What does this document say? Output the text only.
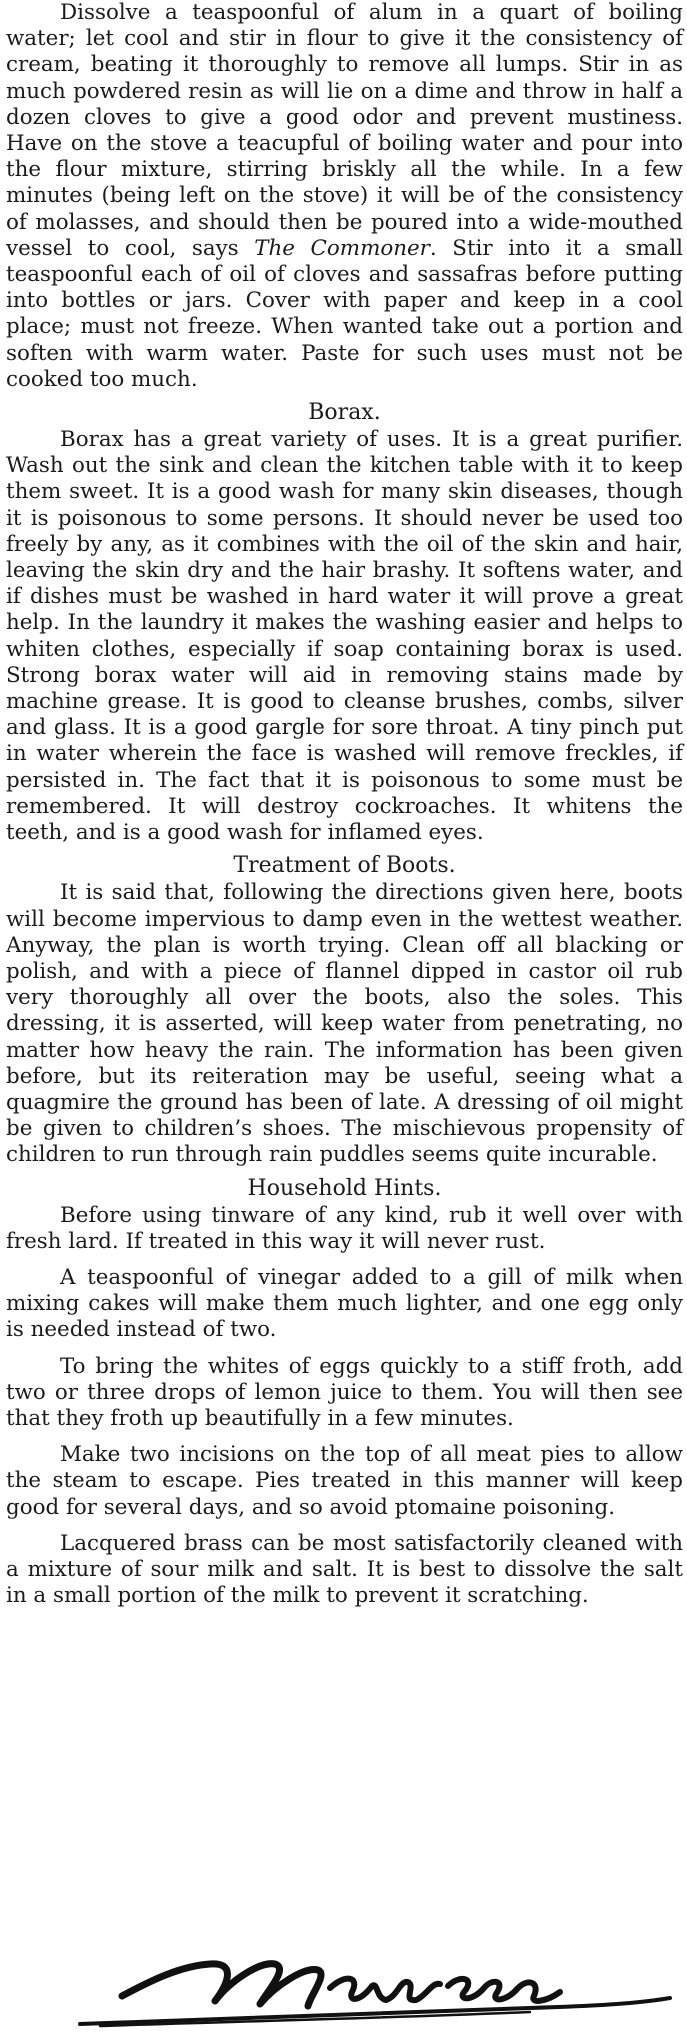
Dissolve a teaspoonful of alum in a quart of boiling water; let cool and stir in flour to give it the consistency of cream, beating it thoroughly to remove all lumps. Stir in as much powdered resin as will lie on a dime and throw in half a dozen cloves to give a good odor and prevent mustiness. Have on the stove a teacupful of boiling water and pour into the flour mixture, stirring briskly all the while. In a few minutes (being left on the stove) it will be of the consistency of molasses, and should then be poured into a wide-mouthed vessel to cool, says The Commoner. Stir into it a small teaspoonful each of oil of cloves and sassafras before putting into bottles or jars. Cover with paper and keep in a cool place; must not freeze. When wanted take out a portion and soften with warm water. Paste for such uses must not be cooked too much.

Borax.

Borax has a great variety of uses. It is a great purifier. Wash out the sink and clean the kitchen table with it to keep them sweet. It is a good wash for many skin diseases, though it is poisonous to some persons. It should never be used too freely by any, as it combines with the oil of the skin and hair, leaving the skin dry and the hair brashy. It softens water, and if dishes must be washed in hard water it will prove a great help. In the laundry it makes the washing easier and helps to whiten clothes, especially if soap containing borax is used. Strong borax water will aid in removing stains made by machine grease. It is good to cleanse brushes, combs, silver and glass. It is a good gargle for sore throat. A tiny pinch put in water wherein the face is washed will remove freckles, if persisted in. The fact that it is poisonous to some must be remembered. It will destroy cockroaches. It whitens the teeth, and is a good wash for inflamed eyes.

Treatment of Boots.

It is said that, following the directions given here, boots will become impervious to damp even in the wettest weather. Anyway, the plan is worth trying. Clean off all blacking or polish, and with a piece of flannel dipped in castor oil rub very thoroughly all over the boots, also the soles. This dressing, it is asserted, will keep water from penetrating, no matter how heavy the rain. The information has been given before, but its reiteration may be useful, seeing what a quagmire the ground has been of late. A dressing of oil might be given to children’s shoes. The mischievous propensity of children to run through rain puddles seems quite incurable.

Household Hints.

Before using tinware of any kind, rub it well over with fresh lard. If treated in this way it will never rust.

A teaspoonful of vinegar added to a gill of milk when mixing cakes will make them much lighter, and one egg only is needed instead of two.

To bring the whites of eggs quickly to a stiff froth, add two or three drops of lemon juice to them. You will then see that they froth up beautifully in a few minutes.

Make two incisions on the top of all meat pies to allow the steam to escape. Pies treated in this manner will keep good for several days, and so avoid ptomaine poisoning.

Lacquered brass can be most satisfactorily cleaned with a mixture of sour milk and salt. It is best to dissolve the salt in a small portion of the milk to prevent it scratching.
